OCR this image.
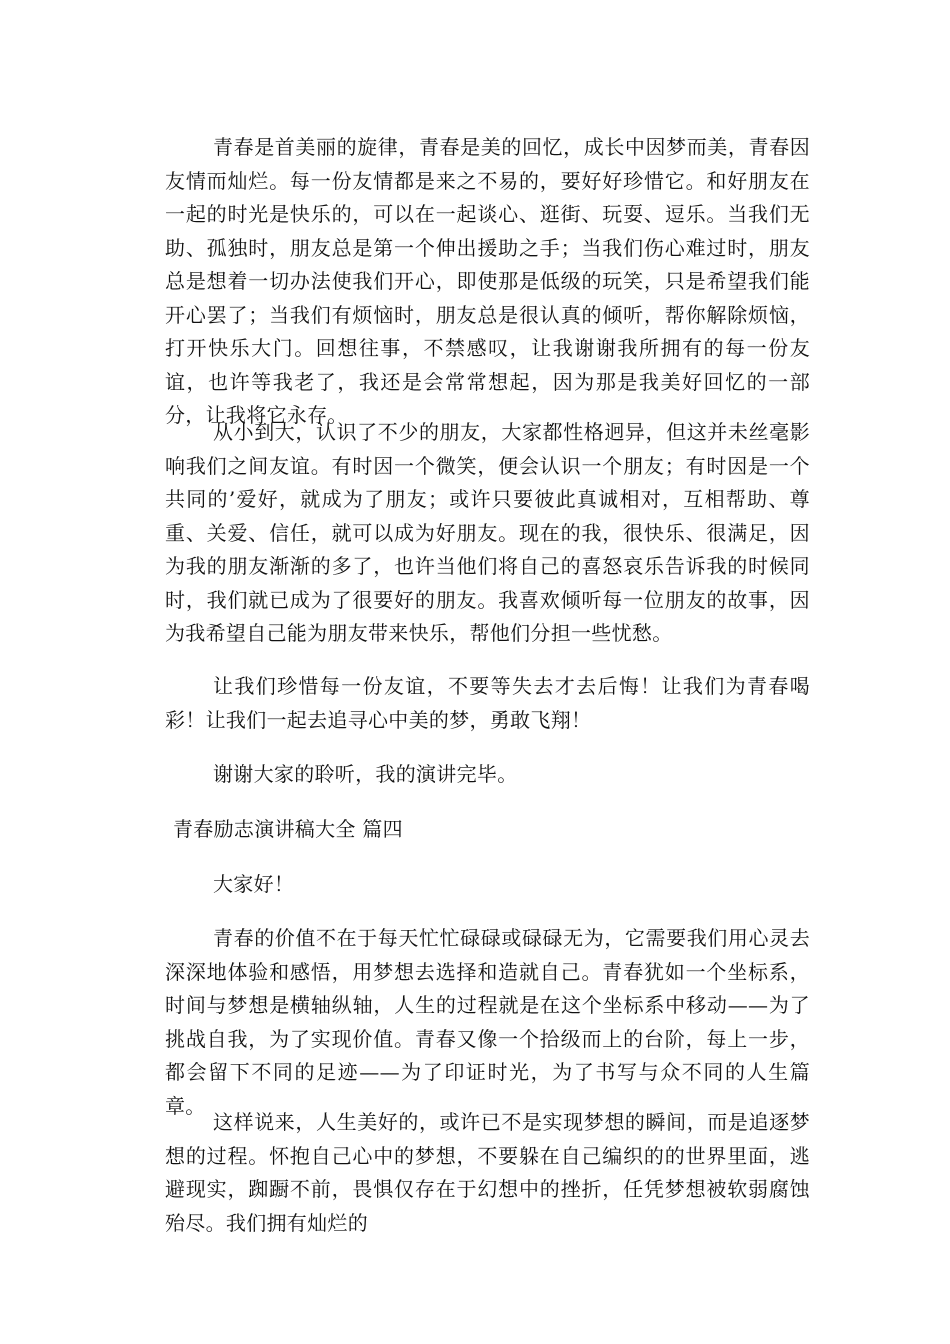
青春是首美丽的旋律，青春是美的回忆，成长中因梦而美，青春因友情而灿烂。每一份友情都是来之不易的，要好好珍惜它。和好朋友在一起的时光是快乐的，可以在一起谈心、逛街、玩耍、逗乐。当我们无助、孤独时，朋友总是第一个伸出援助之手；当我们伤心难过时，朋友总是想着一切办法使我们开心，即使那是低级的玩笑，只是希望我们能开心罢了；当我们有烦恼时，朋友总是很认真的倾听，帮你解除烦恼，打开快乐大门。回想往事，不禁感叹，让我谢谢我所拥有的每一份友谊，也许等我老了，我还是会常常想起，因为那是我美好回忆的一部分，让我将它永存。

从小到大，认识了不少的朋友，大家都性格迥异，但这并未丝毫影响我们之间友谊。有时因一个微笑，便会认识一个朋友；有时因是一个共同的’爱好，就成为了朋友；或许只要彼此真诚相对，互相帮助、尊重、关爱、信任，就可以成为好朋友。现在的我，很快乐、很满足，因为我的朋友渐渐的多了，也许当他们将自己的喜怒哀乐告诉我的时候同时，我们就已成为了很要好的朋友。我喜欢倾听每一位朋友的故事，因为我希望自己能为朋友带来快乐，帮他们分担一些忧愁。

让我们珍惜每一份友谊，不要等失去才去后悔！让我们为青春喝彩！让我们一起去追寻心中美的梦，勇敢飞翔！

谢谢大家的聆听，我的演讲完毕。

青春励志演讲稿大全 篇四

大家好！

青春的价值不在于每天忙忙碌碌或碌碌无为，它需要我们用心灵去深深地体验和感悟，用梦想去选择和造就自己。青春犹如一个坐标系，时间与梦想是横轴纵轴，人生的过程就是在这个坐标系中移动——为了挑战自我，为了实现价值。青春又像一个拾级而上的台阶，每上一步，都会留下不同的足迹——为了印证时光，为了书写与众不同的人生篇章。

这样说来，人生美好的，或许已不是实现梦想的瞬间，而是追逐梦想的过程。怀抱自己心中的梦想，不要躲在自己编织的的世界里面，逃避现实，踟蹰不前，畏惧仅存在于幻想中的挫折，任凭梦想被软弱腐蚀殆尽。我们拥有灿烂的
